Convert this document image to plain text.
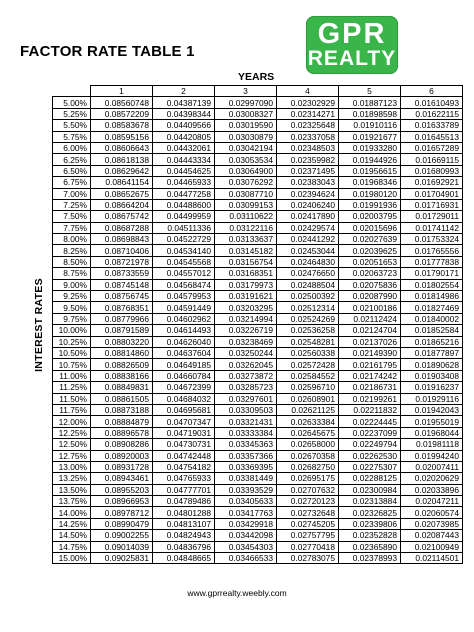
FACTOR RATE TABLE 1
GPR
REALTY
YEARS
INTEREST RATES
	1	2	3	4	5	6
5.00%	0.08560748	0.04387139	0.02997090	0.02302929	0.01887123	0.01610493
5.25%	0.08572209	0.04398344	0.03008327	0.02314271	0.01898598	0.01622115
5.50%	0.08583678	0.04409566	0.03019590	0.02325648	0.01910116	0.01633789
5.75%	0.08595156	0.04420805	0.03030879	0.02337058	0.01921677	0.01645513
6.00%	0.08606643	0.04432061	0.03042194	0.02348503	0.01933280	0.01657289
6.25%	0.08618138	0.04443334	0.03053534	0.02359982	0.01944926	0.01669115
6.50%	0.08629642	0.04454625	0.03064900	0.02371495	0.01956615	0.01680993
6.75%	0.08641154	0.04465933	0.03076292	0.02383043	0.01968346	0.01692921
7.00%	0.08652675	0.04477258	0.03087710	0.02394624	0.01980120	0.01704901
7.25%	0.08664204	0.04488600	0.03099153	0.02406240	0.01991936	0.01716931
7.50%	0.08675742	0.04499959	0.03110622	0.02417890	0.02003795	0.01729011
7.75%	0.08687288	0.04511336	0.03122116	0.02429574	0.02015696	0.01741142
8.00%	0.08698843	0.04522729	0.03133637	0.02441292	0.02027639	0.01753324
8.25%	0.08710406	0.04534140	0.03145182	0.02453044	0.02039625	0.01765556
8.50%	0.08721978	0.04545568	0.03156754	0.02464830	0.02051653	0.01777838
8.75%	0.08733559	0.04557012	0.03168351	0.02476650	0.02063723	0.01790171
9.00%	0.08745148	0.04568474	0.03179973	0.02488504	0.02075836	0.01802554
9.25%	0.08756745	0.04579953	0.03191621	0.02500392	0.02087990	0.01814986
9.50%	0.08768351	0.04591449	0.03203295	0.02512314	0.02100186	0.01827469
9.75%	0.08779966	0.04602962	0.03214994	0.02524269	0.02112424	0.01840002
10.00%	0.08791589	0.04614493	0.03226719	0.02536258	0.02124704	0.01852584
10.25%	0.08803220	0.04626040	0.03238469	0.02548281	0.02137026	0.01865216
10.50%	0.08814860	0.04637604	0.03250244	0.02560338	0.02149390	0.01877897
10.75%	0.08826509	0.04649185	0.03262045	0.02572428	0.02161795	0.01890628
11.00%	0.08838166	0.04660784	0.03273872	0.02584552	0.02174242	0.01903408
11.25%	0.08849831	0.04672399	0.03285723	0.02596710	0.02186731	0.01916237
11.50%	0.08861505	0.04684032	0.03297601	0.02608901	0.02199261	0.01929116
11.75%	0.08873188	0.04695681	0.03309503	0.02621125	0.02211832	0.01942043
12.00%	0.08884879	0.04707347	0.03321431	0.02633384	0.02224445	0.01955019
12.25%	0.08896578	0.04719031	0.03333384	0.02645675	0.02237099	0.01968044
12.50%	0.08908286	0.04730731	0.03345363	0.02658000	0.02249794	0.01981118
12.75%	0.08920003	0.04742448	0.03357366	0.02670358	0.02262530	0.01994240
13.00%	0.08931728	0.04754182	0.03369395	0.02682750	0.02275307	0.02007411
13.25%	0.08943461	0.04765933	0.03381449	0.02695175	0.02288125	0.02020629
13.50%	0.08955203	0.04777701	0.03393529	0.02707632	0.02300984	0.02033896
13.75%	0.08966953	0.04789486	0.03405633	0.02720123	0.02313884	0.02047211
14.00%	0.08978712	0.04801288	0.03417763	0.02732648	0.02326825	0.02060574
14.25%	0.08990479	0.04813107	0.03429918	0.02745205	0.02339806	0.02073985
14.50%	0.09002255	0.04824943	0.03442098	0.02757795	0.02352828	0.02087443
14.75%	0.09014039	0.04836796	0.03454303	0.02770418	0.02365890	0.02100949
15.00%	0.09025831	0.04848665	0.03466533	0.02783075	0.02378993	0.02114501
www.gprrealty.weebly.com
